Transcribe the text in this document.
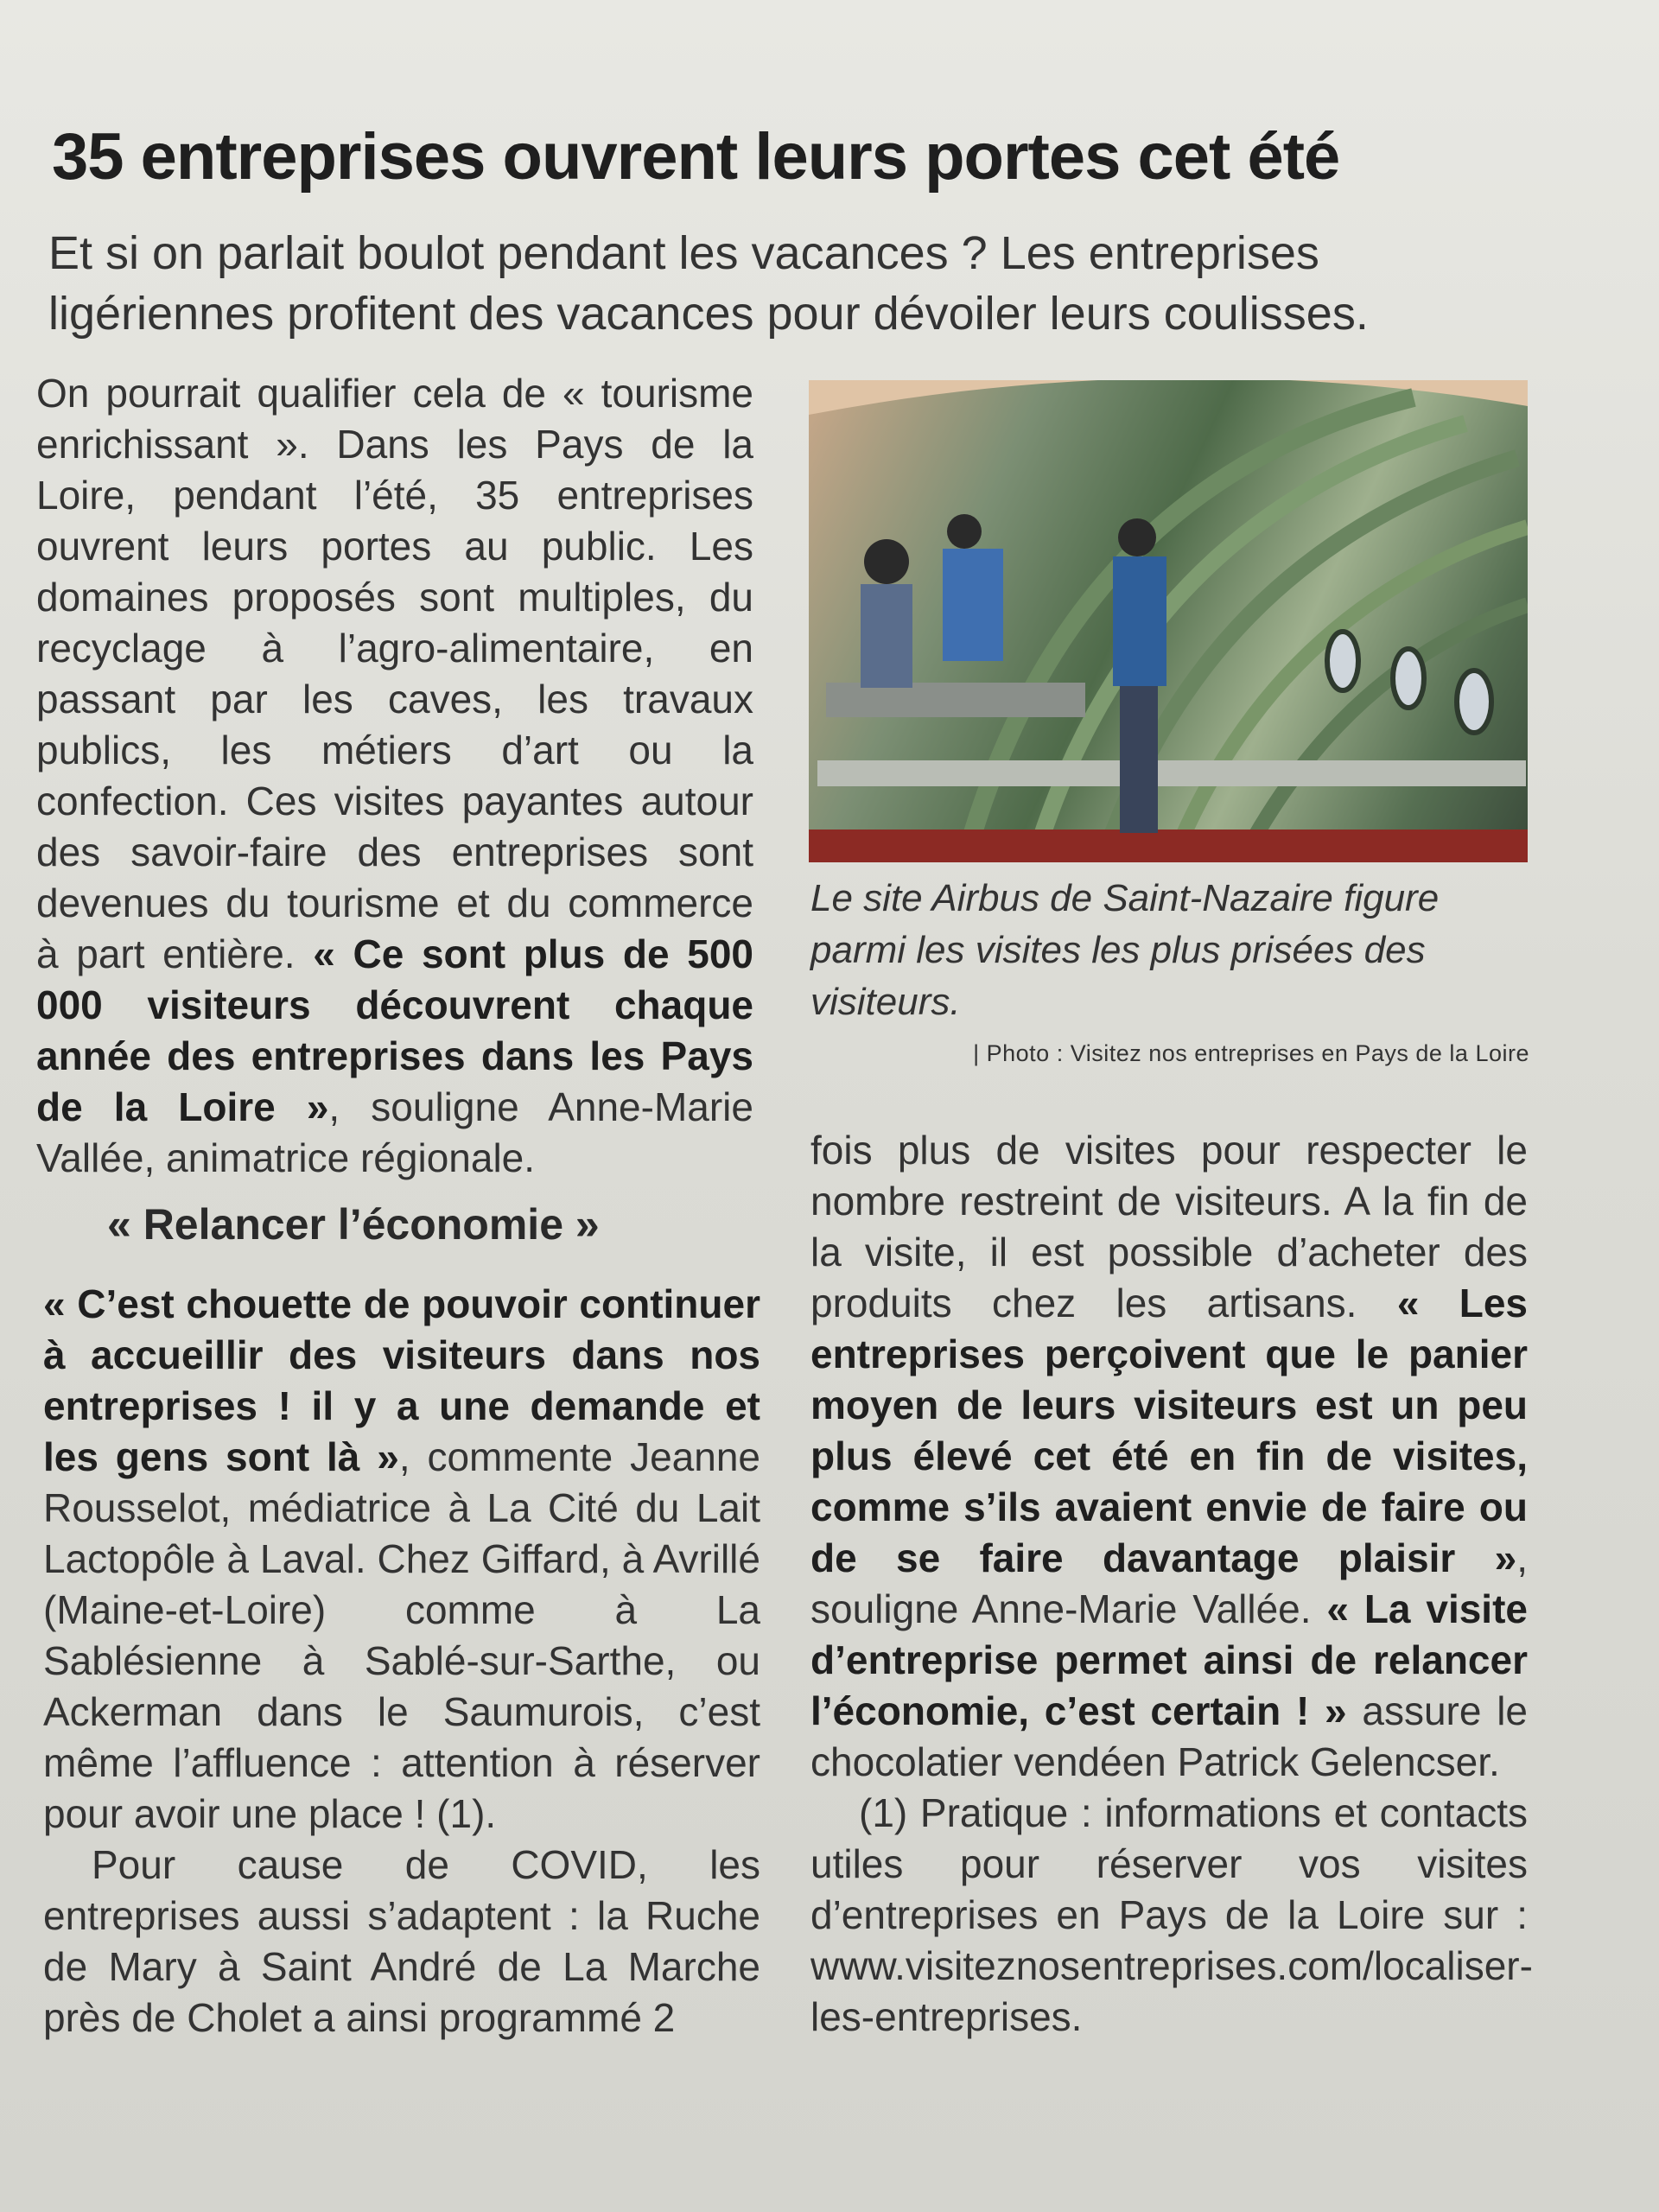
35 entreprises ouvrent leurs portes cet été
Et si on parlait boulot pendant les vacances ? Les entreprises ligériennes profitent des vacances pour dévoiler leurs coulisses.

On pourrait qualifier cela de « tourisme enrichissant ». Dans les Pays de la Loire, pendant l’été, 35 entreprises ouvrent leurs portes au public. Les domaines proposés sont multiples, du recyclage à l’agro-alimentaire, en passant par les caves, les travaux publics, les métiers d’art ou la confection. Ces visites payantes autour des savoir-faire des entreprises sont devenues du tourisme et du commerce à part entière. « Ce sont plus de 500 000 visiteurs découvrent chaque année des entreprises dans les Pays de la Loire », souligne Anne-Marie Vallée, animatrice régionale.

« Relancer l’économie »

« C’est chouette de pouvoir continuer à accueillir des visiteurs dans nos entreprises ! il y a une demande et les gens sont là », commente Jeanne Rousselot, médiatrice à La Cité du Lait Lactopôle à Laval. Chez Giffard, à Avrillé (Maine-et-Loire) comme à La Sablésienne à Sablé-sur-Sarthe, ou Ackerman dans le Saumurois, c’est même l’affluence : attention à réserver pour avoir une place ! (1).

Pour cause de COVID, les entreprises aussi s’adaptent : la Ruche de Mary à Saint André de La Marche près de Cholet a ainsi programmé 2

Le site Airbus de Saint-Nazaire figure parmi les visites les plus prisées des visiteurs.
| Photo : Visitez nos entreprises en Pays de la Loire

fois plus de visites pour respecter le nombre restreint de visiteurs. A la fin de la visite, il est possible d’acheter des produits chez les artisans. « Les entreprises perçoivent que le panier moyen de leurs visiteurs est un peu plus élevé cet été en fin de visites, comme s’ils avaient envie de faire ou de se faire davantage plaisir », souligne Anne-Marie Vallée. « La visite d’entreprise permet ainsi de relancer l’économie, c’est certain ! » assure le chocolatier vendéen Patrick Gelencser.

(1) Pratique : informations et contacts utiles pour réserver vos visites d’entreprises en Pays de la Loire sur : www.visiteznosentreprises.com/localiser-les-entreprises.
